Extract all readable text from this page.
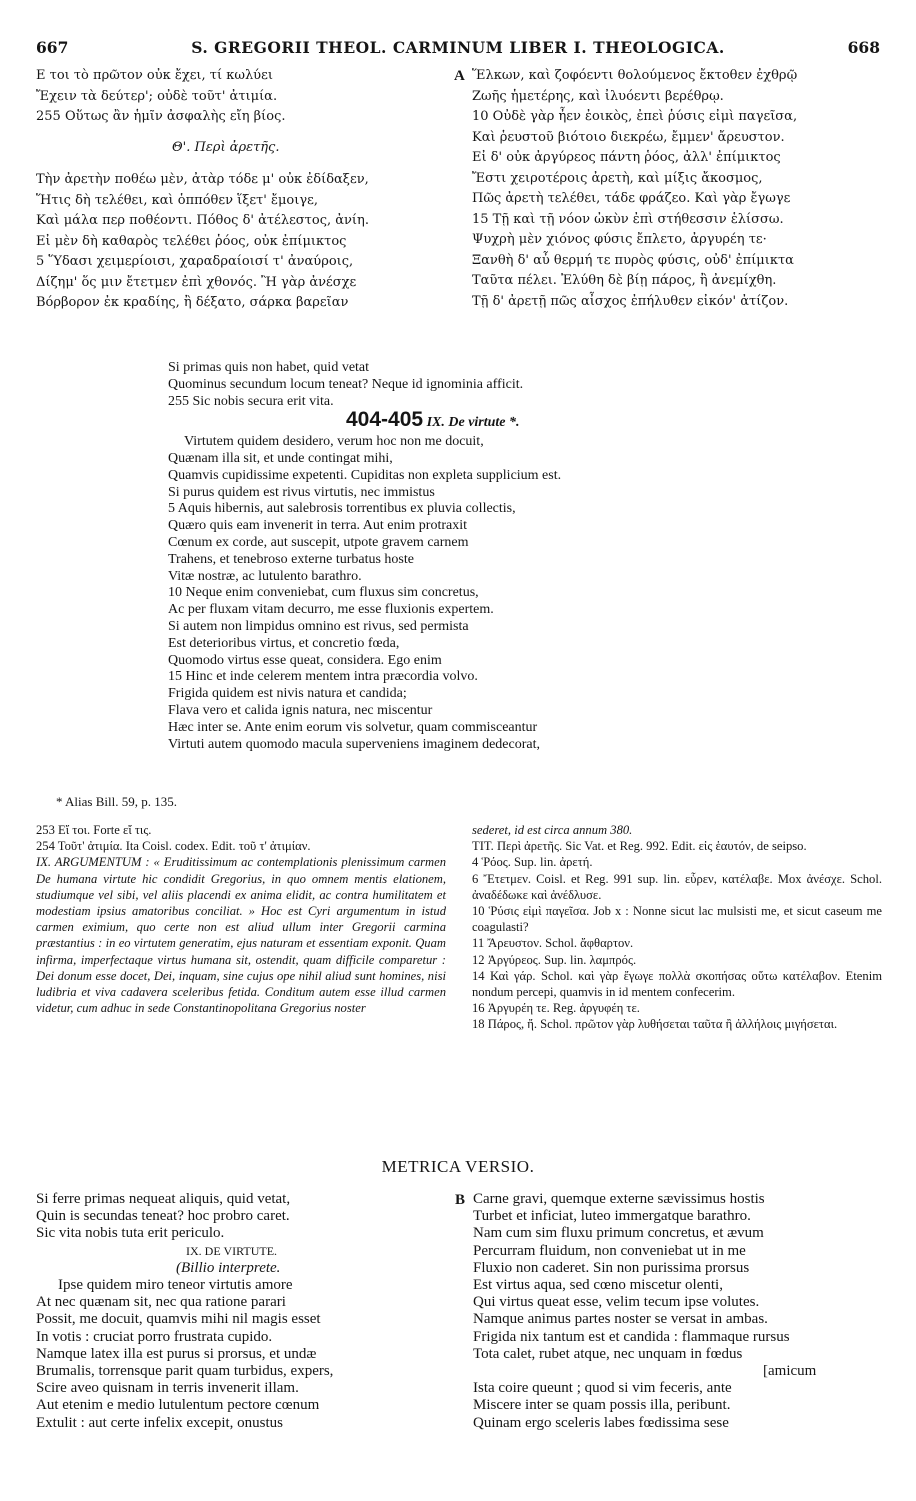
667	S. GREGORII THEOL. CARMINUM LIBER I. THEOLOGICA.	668
Ε τοι τὸ πρῶτον οὐκ ἔχει, τί κωλύει
Ἔχειν τὰ δεύτερ'; οὐδὲ τοῦτ' ἀτιμία.
255 Οὕτως ἂν ἡμῖν ἀσφαλὴς εἴη βίος.
Θ'. Περὶ ἀρετῆς.
Τὴν ἀρετὴν ποθέω μὲν, ἀτὰρ τόδε μ' οὐκ ἐδίδαξεν,
Ἥτις δὴ τελέθει, καὶ ὁππόθεν ἵξετ' ἔμοιγε,
Καὶ μάλα περ ποθέοντι. Πόθος δ' ἀτέλεστος, ἀνίη.
Εἰ μὲν δὴ καθαρὸς τελέθει ῥόος, οὐκ ἐπίμικτος
5 Ὕδασι χειμερίοισι, χαραδραίοισί τ' ἀναύροις,
Δίζημ' ὅς μιν ἔτετμεν ἐπὶ χθονός. Ἢ γὰρ ἀνέσχε
Βόρβορον ἐκ κραδίης, ἢ δέξατο, σάρκα βαρεῖαν
A Ἕλκων, καὶ ζοφόεντι θολούμενος ἔκτοθεν ἐχθρῷ
Ζωῆς ἡμετέρης, καὶ ἰλυόεντι βερέθρῳ.
10 Οὐδὲ γὰρ ἦεν ἐοικὸς, ἐπεὶ ῥύσις εἰμὶ παγεῖσα,
Καὶ ῥευστοῦ βιότοιο διεκρέω, ἔμμεν' ἄρευστον.
Εἰ δ' οὐκ ἀργύρεος πάντη ῥόος, ἀλλ' ἐπίμικτος
Ἔστι χειροτέροις ἀρετὴ, καὶ μίξις ἄκοσμος,
Πῶς ἀρετὴ τελέθει, τάδε φράζεο. Καὶ γὰρ ἔγωγε
15 Τῇ καὶ τῇ νόον ὠκὺν ἐπὶ στήθεσσιν ἑλίσσω.
Ψυχρὴ μὲν χιόνος φύσις ἔπλετο, ἀργυρέη τε·
Ξανθὴ δ' αὖ θερμή τε πυρὸς φύσις, οὐδ' ἐπίμικτα
Ταῦτα πέλει. Ἐλύθη δὲ βίῃ πάρος, ἢ ἀνεμίχθη.
Τῇ δ' ἀρετῇ πῶς αἶσχος ἐπήλυθεν εἰκόν' ἀτίζον.
Si primas quis non habet, quid vetat
Quominus secundum locum teneat? Neque id ignominia afficit.
255 Sic nobis secura erit vita.
404-405 IX. De virtute *.
Virtutem quidem desidero, verum hoc non me docuit,
Quænam illa sit, et unde contingat mihi,
Quamvis cupidissime expetenti. Cupiditas non expleta supplicium est.
Si purus quidem est rivus virtutis, nec immistus
5 Aquis hibernis, aut salebrosis torrentibus ex pluvia collectis,
Quæro quis eam invenerit in terra. Aut enim protraxit
Cœnum ex corde, aut suscepit, utpote gravem carnem
Trahens, et tenebroso externe turbatus hoste
Vitæ nostræ, ac lutulento barathro.
10 Neque enim conveniebat, cum fluxus sim concretus,
Ac per fluxam vitam decurro, me esse fluxionis expertem.
Si autem non limpidus omnino est rivus, sed permista
Est deterioribus virtus, et concretio fœda,
Quomodo virtus esse queat, considera. Ego enim
15 Hinc et inde celerem mentem intra præcordia volvo.
Frigida quidem est nivis natura et candida;
Flava vero et calida ignis natura, nec miscentur
Hæc inter se. Ante enim eorum vis solvetur, quam commisceantur
Virtuti autem quomodo macula superveniens imaginem dedecorat,
* Alias Bill. 59, p. 135.
253 Εἴ τοι. Forte εἴ τις.
254 Τοῦτ' ἀτιμία. Ita Coisl. codex. Edit. τοῦ τ' ἀτιμίαν.
IX. ARGUMENTUM : « Eruditissimum ac contemplationis plenissimum carmen De humana virtute hic condidit Gregorius, in quo omnem mentis elationem, studiumque vel sibi, vel aliis placendi ex anima elidit, ac contra humilitatem et modestiam ipsius amatoribus conciliat. » Hoc est Cyri argumentum in istud carmen eximium, quo certe non est aliud ullum inter Gregorii carmina præstantius : in eo virtutem generatim, ejus naturam et essentiam exponit. Quam infirma, imperfectaque virtus humana sit, ostendit, quam difficile comparetur : Dei donum esse docet, Dei, inquam, sine cujus ope nihil aliud sunt homines, nisi ludibria et viva cadavera sceleribus fetida. Conditum autem esse illud carmen videtur, cum adhuc in sede Constantinopolitana Gregorius noster
sederet, id est circa annum 380.
TIT. Περὶ ἀρετῆς. Sic Vat. et Reg. 992. Edit. εἰς ἑαυτόν, de seipso.
4 Ῥόος. Sup. lin. ἀρετή.
6 Ἔτετμεν. Coisl. et Reg. 991 sup. lin. εὗρεν, κατέλαβε. Mox ἀνέσχε. Schol. ἀναδέδωκε καὶ ἀνέδλυσε.
10 Ῥύσις εἰμὶ παγεῖσα. Job x : Nonne sicut lac mulsisti me, et sicut caseum me coagulasti?
11 Ἄρευστον. Schol. ἄφθαρτον.
12 Ἀργύρεος. Sup. lin. λαμπρός.
14 Καὶ γάρ. Schol. καὶ γὰρ ἔγωγε πολλὰ σκοπήσας οὕτω κατέλαβον. Etenim nondum percepi, quamvis in id mentem confecerim.
16 Ἀργυρέη τε. Reg. ἀργυφέη τε.
18 Πάρος, ἤ. Schol. πρῶτον γὰρ λυθήσεται ταῦτα ἢ ἀλλήλοις μιγήσεται.
METRICA VERSIO.
Si ferre primas nequeat aliquis, quid vetat,
Quin is secundas teneat? hoc probro caret.
Sic vita nobis tuta erit periculo.
IX. DE VIRTUTE.
(Billio interprete.
Ipse quidem miro teneor virtutis amore
At nec quænam sit, nec qua ratione parari
Possit, me docuit, quamvis mihi nil magis esset
In votis : cruciat porro frustrata cupido.
Namque latex illa est purus si prorsus, et undæ
Brumalis, torrensque parit quam turbidus, expers,
Scire aveo quisnam in terris invenerit illam.
Aut etenim e medio lutulentum pectore cœnum
Extulit : aut certe infelix excepit, onustus
B Carne gravi, quemque externe sævissimus hostis
Turbet et inficiat, luteo immergatque barathro.
Nam cum sim fluxu primum concretus, et ævum
Percurram fluidum, non conveniebat ut in me
Fluxio non caderet. Sin non purissima prorsus
Est virtus aqua, sed cœno miscetur olenti,
Qui virtus queat esse, velim tecum ipse volutes.
Namque animus partes noster se versat in ambas.
Frigida nix tantum est et candida : flammaque rursus
Tota calet, rubet atque, nec unquam in fœdus
[amicum
Ista coire queunt ; quod si vim feceris, ante
Miscere inter se quam possis illa, peribunt.
Quinam ergo sceleris labes fœdissima sese
